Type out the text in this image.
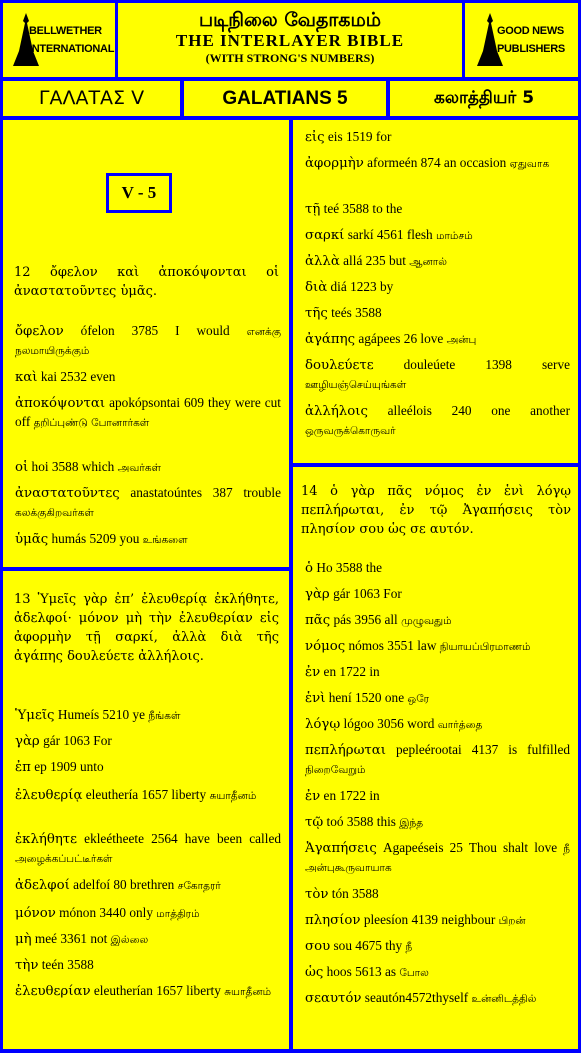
BELLWETHER
INTERNATIONAL
படிநிலை வேதாகமம்
THE INTERLAYER BIBLE
(WITH STRONG'S NUMBERS)
GOOD NEWS
PUBLISHERS
ΓΑΛΑΤΑΣ V	GALATIANS 5	கலாத்தியர் 5
V - 5
12 ὄφελον καὶ ἀποκόψονται οἱ ἀναστατοῦντες ὑμᾶς.
ὄφελον ófelon 3785 I would எனக்கு நலமாயிருக்கும்
καὶ kai 2532 even
ἀποκόψονται apokópsontai 609 they were cut off தறிப்புண்டு போனார்கள்
οἱ hoi 3588 which அவர்கள்
ἀναστατοῦντες anastatoúntes 387 trouble கலக்குகிறவர்கள்
ὑμᾶς humás 5209 you உங்களை
13 Ὑμεῖς γὰρ ἐπ’ ἐλευθερίᾳ ἐκλήθητε, ἀδελφοί· μόνον μὴ τὴν ἐλευθερίαν εἰς ἀφορμὴν τῇ σαρκί, ἀλλὰ διὰ τῆς ἀγάπης δουλεύετε ἀλλήλοις.
Ὑμεῖς Humeís 5210 ye நீங்கள்
γὰρ gár 1063 For
ἐπ ep 1909 unto
ἐλευθερίᾳ eleuthería 1657 liberty சுயாதீனம்
ἐκλήθητε ekleétheete 2564 have been called அழைக்கப்பட்டீர்கள்
ἀδελφοί adelfoí 80 brethren சகோதரர்
μόνον mónon 3440 only மாத்திரம்
μὴ meé 3361 not இல்லை
τὴν teén 3588
ἐλευθερίαν eleutherían 1657 liberty சுயாதீனம்
εἰς eis 1519 for
ἀφορμὴν aformeén 874 an occasion ஏதுவாக
τῇ teé 3588 to the
σαρκί sarkí 4561 flesh மாம்சம்
ἀλλὰ allá 235 but ஆனால்
διὰ diá 1223 by
τῆς teés 3588
ἀγάπης agápees 26 love அன்பு
δουλεύετε douleúete 1398 serve ஊழியஞ்செய்யுங்கள்
ἀλλήλοις alleélois 240 one another ஒருவருக்கொருவர்
14 ὁ γὰρ πᾶς νόμος ἐν ἑνὶ λόγῳ πεπλήρωται, ἐν τῷ Ἀγαπήσεις τὸν πλησίον σου ὡς σε αυτόν.
ὁ Ho 3588 the
γὰρ gár 1063 For
πᾶς pás 3956 all முழுவதும்
νόμος nómos 3551 law நியாயப்பிரமாணம்
ἐν en 1722 in
ἑνὶ hení 1520 one ஒரே
λόγῳ lógoo 3056 word வார்த்தை
πεπλήρωται pepleérootai 4137 is fulfilled நிறைவேறும்
ἐν en 1722 in
τῷ toó 3588 this இந்த
Ἀγαπήσεις Agapeéseis 25 Thou shalt love நீ அன்புகூருவாயாக
τὸν tón 3588
πλησίον pleesíon 4139 neighbour பிறன்
σου sou 4675 thy நீ
ὡς hoos 5613 as போல
σεαυτόν seautón4572thyself உன்னிடத்தில்
